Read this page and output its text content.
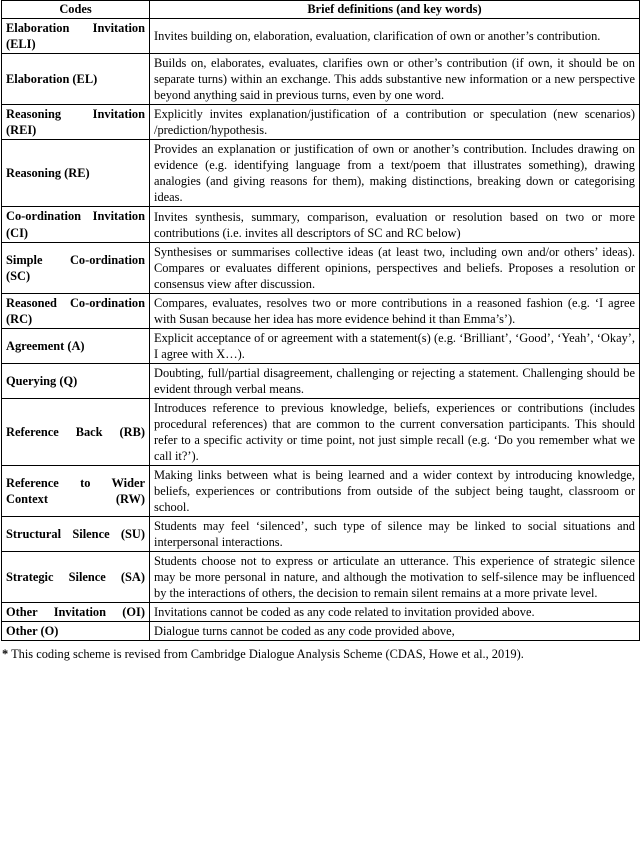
Codes	Brief definitions (and key words)
Elaboration Invitation (ELI)	Invites building on, elaboration, evaluation, clarification of own or another’s contribution.
Elaboration (EL)	Builds on, elaborates, evaluates, clarifies own or other’s contribution (if own, it should be on separate turns) within an exchange. This adds substantive new information or a new perspective beyond anything said in previous turns, even by one word.
Reasoning Invitation (REI)	Explicitly invites explanation/justification of a contribution or speculation (new scenarios) /prediction/hypothesis.
Reasoning (RE)	Provides an explanation or justification of own or another’s contribution. Includes drawing on evidence (e.g. identifying language from a text/poem that illustrates something), drawing analogies (and giving reasons for them), making distinctions, breaking down or categorising ideas.
Co-ordination Invitation (CI)	Invites synthesis, summary, comparison, evaluation or resolution based on two or more contributions (i.e. invites all descriptors of SC and RC below)
Simple Co-ordination (SC)	Synthesises or summarises collective ideas (at least two, including own and/or others’ ideas). Compares or evaluates different opinions, perspectives and beliefs. Proposes a resolution or consensus view after discussion.
Reasoned Co-ordination (RC)	Compares, evaluates, resolves two or more contributions in a reasoned fashion (e.g. ‘I agree with Susan because her idea has more evidence behind it than Emma’s’).
Agreement (A)	Explicit acceptance of or agreement with a statement(s) (e.g. ‘Brilliant’, ‘Good’, ‘Yeah’, ‘Okay’, I agree with X…).
Querying (Q)	Doubting, full/partial disagreement, challenging or rejecting a statement. Challenging should be evident through verbal means.
Reference Back (RB)	Introduces reference to previous knowledge, beliefs, experiences or contributions (includes procedural references) that are common to the current conversation participants. This should refer to a specific activity or time point, not just simple recall (e.g. ‘Do you remember what we call it?’).
Reference to Wider Context (RW)	Making links between what is being learned and a wider context by introducing knowledge, beliefs, experiences or contributions from outside of the subject being taught, classroom or school.
Structural Silence (SU)	Students may feel ‘silenced’, such type of silence may be linked to social situations and interpersonal interactions.
Strategic Silence (SA)	Students choose not to express or articulate an utterance. This experience of strategic silence may be more personal in nature, and although the motivation to self-silence may be influenced by the interactions of others, the decision to remain silent remains at a more private level.
Other Invitation (OI)	Invitations cannot be coded as any code related to invitation provided above.
Other (O)	Dialogue turns cannot be coded as any code provided above,
* This coding scheme is revised from Cambridge Dialogue Analysis Scheme (CDAS, Howe et al., 2019).
